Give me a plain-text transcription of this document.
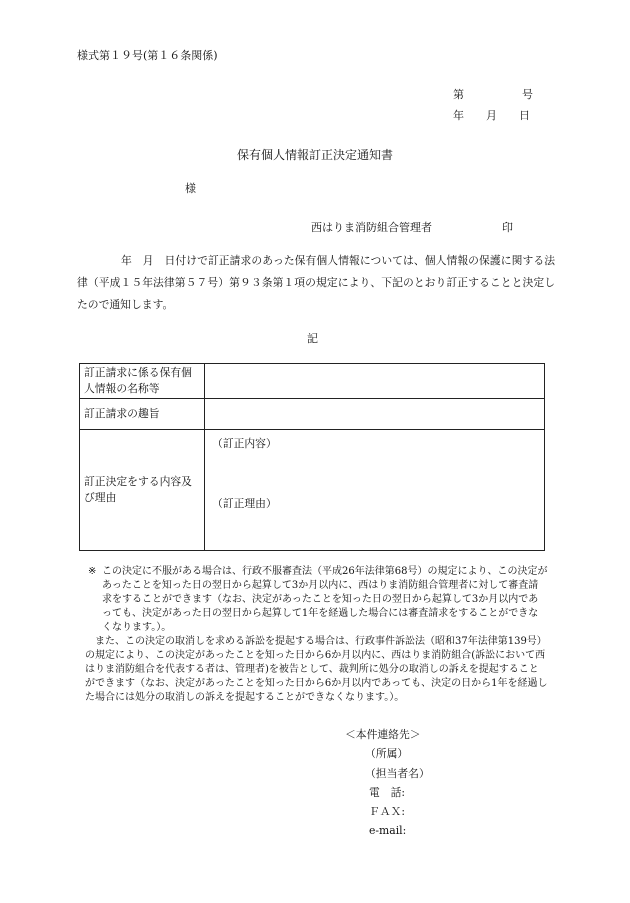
様式第１９号(第１６条関係)
第	号
年 月 日
保有個人情報訂正決定通知書
様
西はりま消防組合管理者	印
年　月　日付けで訂正請求のあった保有個人情報については、個人情報の保護に関する法律（平成１５年法律第５７号）第９３条第１項の規定により、下記のとおり訂正することと決定したので通知します。
記
訂正請求に係る保有個人情報の名称等	
訂正請求の趣旨	
訂正決定をする内容及び理由	（訂正内容）
（訂正理由）
※ この決定に不服がある場合は、行政不服審査法（平成26年法律第68号）の規定により、この決定があったことを知った日の翌日から起算して3か月以内に、西はりま消防組合管理者に対して審査請求をすることができます（なお、決定があったことを知った日の翌日から起算して3か月以内であっても、決定があった日の翌日から起算して1年を経過した場合には審査請求をすることができなくなります。）。

また、この決定の取消しを求める訴訟を提起する場合は、行政事件訴訟法（昭和37年法律第139号）の規定により、この決定があったことを知った日から6か月以内に、西はりま消防組合(訴訟において西はりま消防組合を代表する者は、管理者)を被告として、裁判所に処分の取消しの訴えを提起することができます（なお、決定があったことを知った日から6か月以内であっても、決定の日から1年を経過した場合には処分の取消しの訴えを提起することができなくなります。）。

＜本件連絡先＞
（所属）
（担当者名）
電　話:
ＦＡＸ:
e-mail:
